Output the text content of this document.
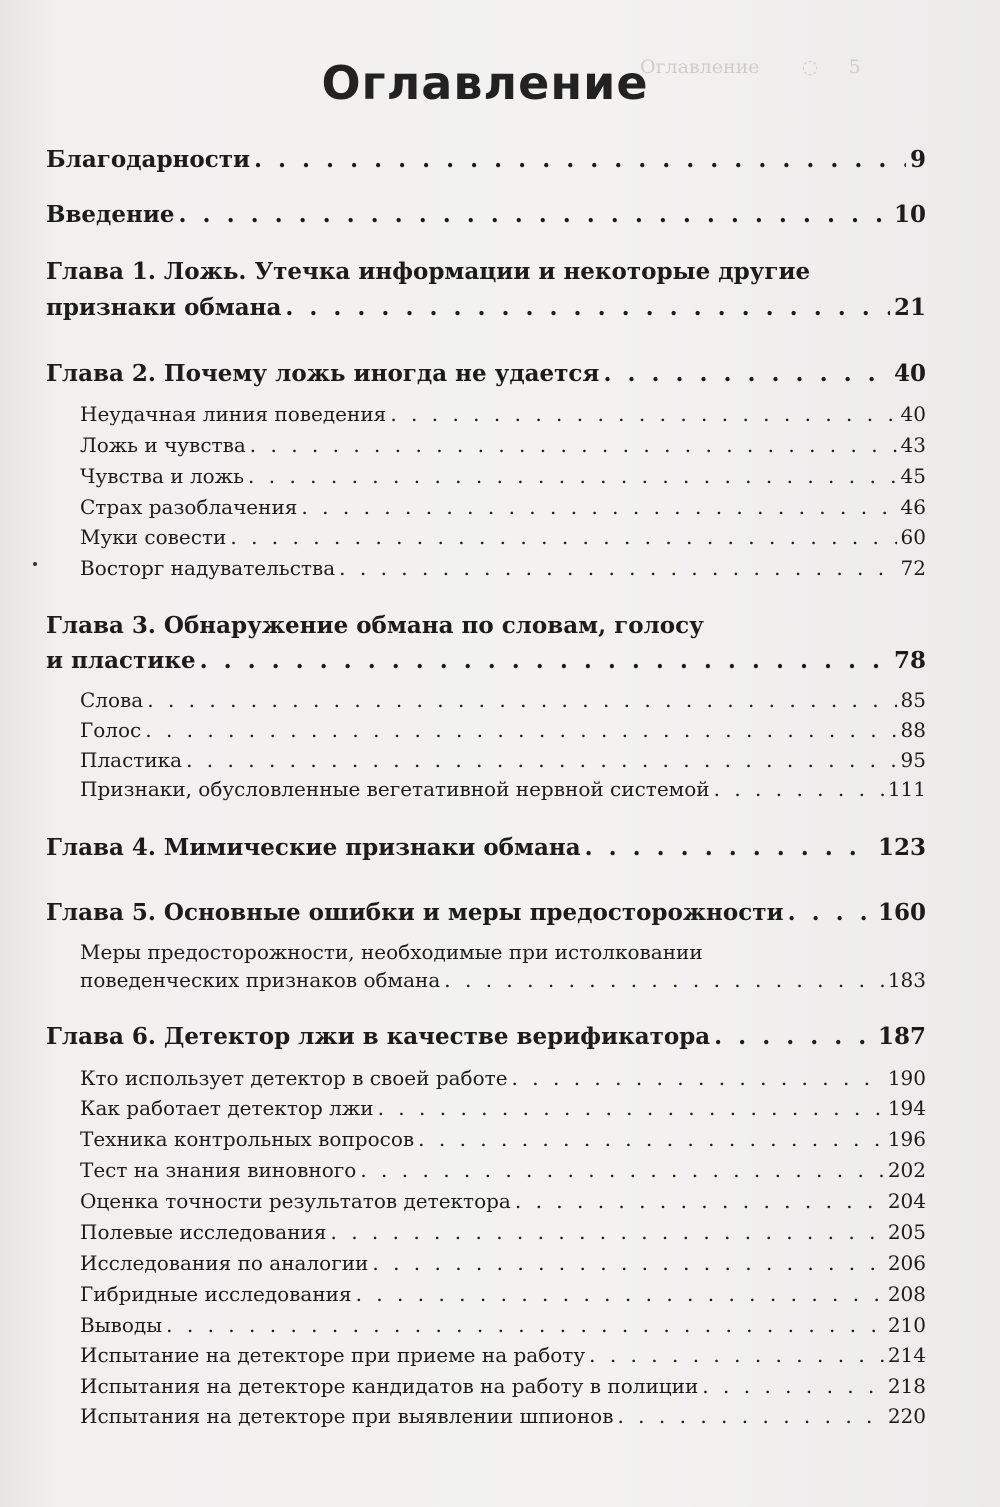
Оглавление       ◌     5
Оглавление
Благодарности . . .	9
Введение . . .	10
Глава 1. Ложь. Утечка информации и некоторые другие
признаки обмана . . .	21
Глава 2. Почему ложь иногда не удается . . .	40
Неудачная линия поведения . . .	40
Ложь и чувства . . .	43
Чувства и ложь . . .	45
Страх разоблачения . . .	46
Муки совести . . .	60
Восторг надувательства . . .	72
Глава 3. Обнаружение обмана по словам, голосу
и пластике . . .	78
Слова . . .	85
Голос . . .	88
Пластика . . .	95
Признаки, обусловленные вегетативной нервной системой . . .	111
Глава 4. Мимические признаки обмана . . .	123
Глава 5. Основные ошибки и меры предосторожности . . .	160
Меры предосторожности, необходимые при истолковании
поведенческих признаков обмана . . .	183
Глава 6. Детектор лжи в качестве верификатора . . .	187
Кто использует детектор в своей работе . . .	190
Как работает детектор лжи . . .	194
Техника контрольных вопросов . . .	196
Тест на знания виновного . . .	202
Оценка точности результатов детектора . . .	204
Полевые исследования . . .	205
Исследования по аналогии . . .	206
Гибридные исследования . . .	208
Выводы . . .	210
Испытание на детекторе при приеме на работу . . .	214
Испытания на детекторе кандидатов на работу в полиции . . .	218
Испытания на детекторе при выявлении шпионов . . .	220
